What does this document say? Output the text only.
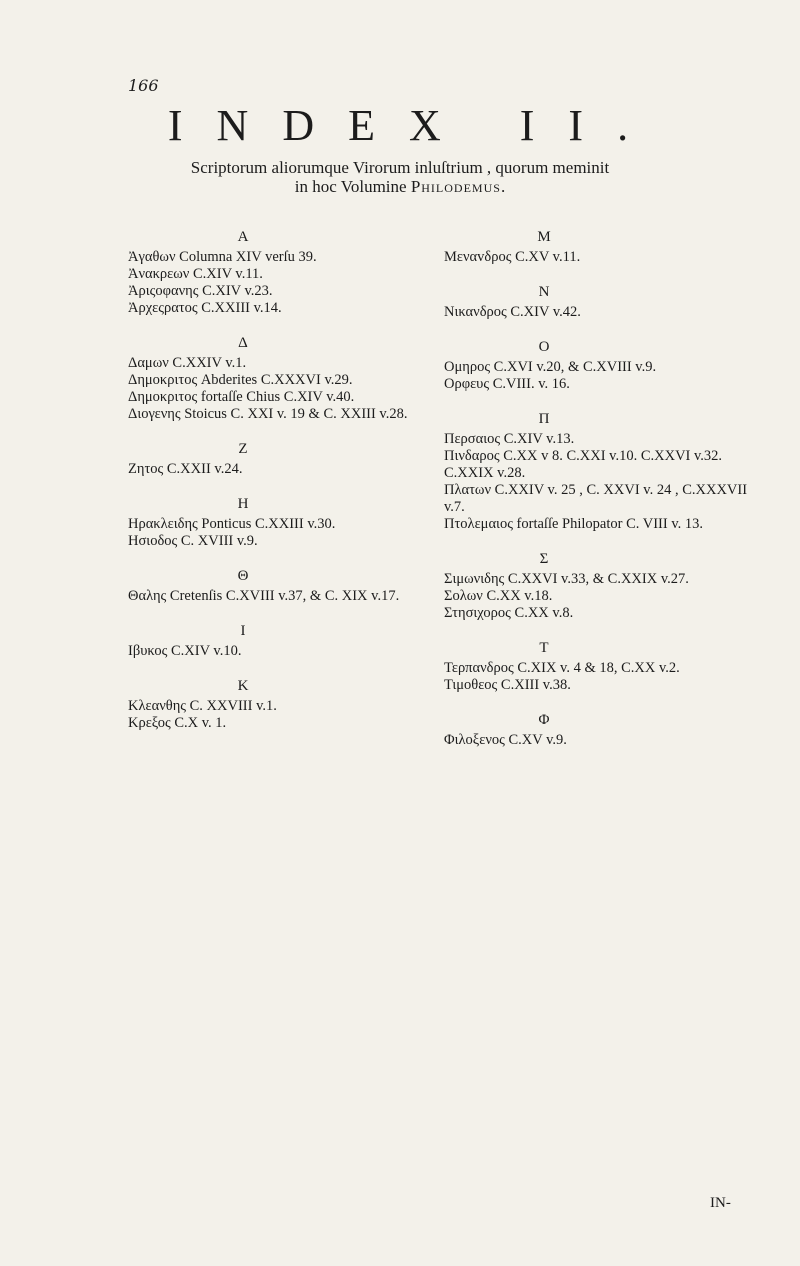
166
INDEX II.
Scriptorum aliorumque Virorum inluſtrium , quorum meminit
in hoc Volumine Philodemus.
A
Ἀγαθων Columna XIV verſu 39.
Ἀνακρεων C.XIV v.11.
Ἀριςοφανης C.XIV v.23.
Ἀρχεςρατος C.XXIII v.14.
Δ
Δαμων C.XXIV v.1.
Δημοκριτος Abderites C.XXXVI v.29.
Δημοκριτος fortaſſe Chius C.XIV v.40.
Διογενης Stoicus C. XXI v. 19 & C. XXIII v.28.
Z
Ζητος C.XXII v.24.
H
Ηρακλειδης Ponticus C.XXIII v.30.
Ησιοδος C. XVIII v.9.
Θ
Θαλης Cretenſis C.XVIII v.37, & C. XIX v.17.
I
Ιβυκος C.XIV v.10.
K
Κλεανθης C. XXVIII v.1.
Κρεξος C.X v. 1.
M
Μεναvδρος C.XV v.11.
N
Νικανδρος C.XIV v.42.
O
Ομηρος C.XVI v.20, & C.XVIII v.9.
Ορφευς C.VIII. v. 16.
Π
Περσαιος C.XIV v.13.
Πινδαρος C.XX v 8. C.XXI v.10. C.XXVI v.32. C.XXIX v.28.
Πλατων C.XXIV v. 25 , C. XXVI v. 24 , C.XXXVII v.7.
Πτολεμαιος fortaſſe Philopator C. VIII v. 13.
Σ
Σιμωνιδης C.XXVI v.33, & C.XXIX v.27.
Σολων C.XX v.18.
Στησιχορος C.XX v.8.
T
Τερπανδρος C.XIX v. 4 & 18, C.XX v.2.
Τιμοθεος C.XIII v.38.
Φ
Φιλοξενος C.XV v.9.
IN-
